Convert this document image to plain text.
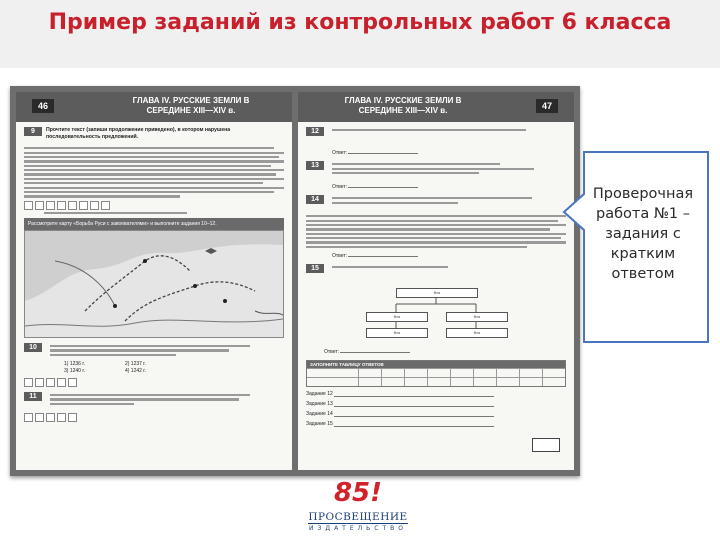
Пример заданий из контрольных работ 6 класса
46
ГЛАВА IV. РУССКИЕ ЗЕМЛИ В СЕРЕДИНЕ XIII—XIV в.
9 Прочтите текст (запиши продолжение приведено), в котором нарушена последовательность предложений.
Рассмотрите карту «Борьба Руси с завоевателями» и выполните задания 10–12.
10
1) 1236 г.
3) 1240 г.
2) 1237 г.
4) 1242 г.
11
ГЛАВА IV. РУССКИЕ ЗЕМЛИ В СЕРЕДИНЕ XIII—XIV в.	47
12
Ответ:
13
Ответ:
14
Ответ:
15
Кто
Кто	Кто
Кто	Кто
Ответ:
ЗАПОЛНИТЕ ТАБЛИЦУ ОТВЕТОВ
Задание 12
Задание 13
Задание 14
Задание 15
Проверочная работа №1 – задания с кратким ответом
85!
ПРОСВЕЩЕНИЕ
ИЗДАТЕЛЬСТВО
